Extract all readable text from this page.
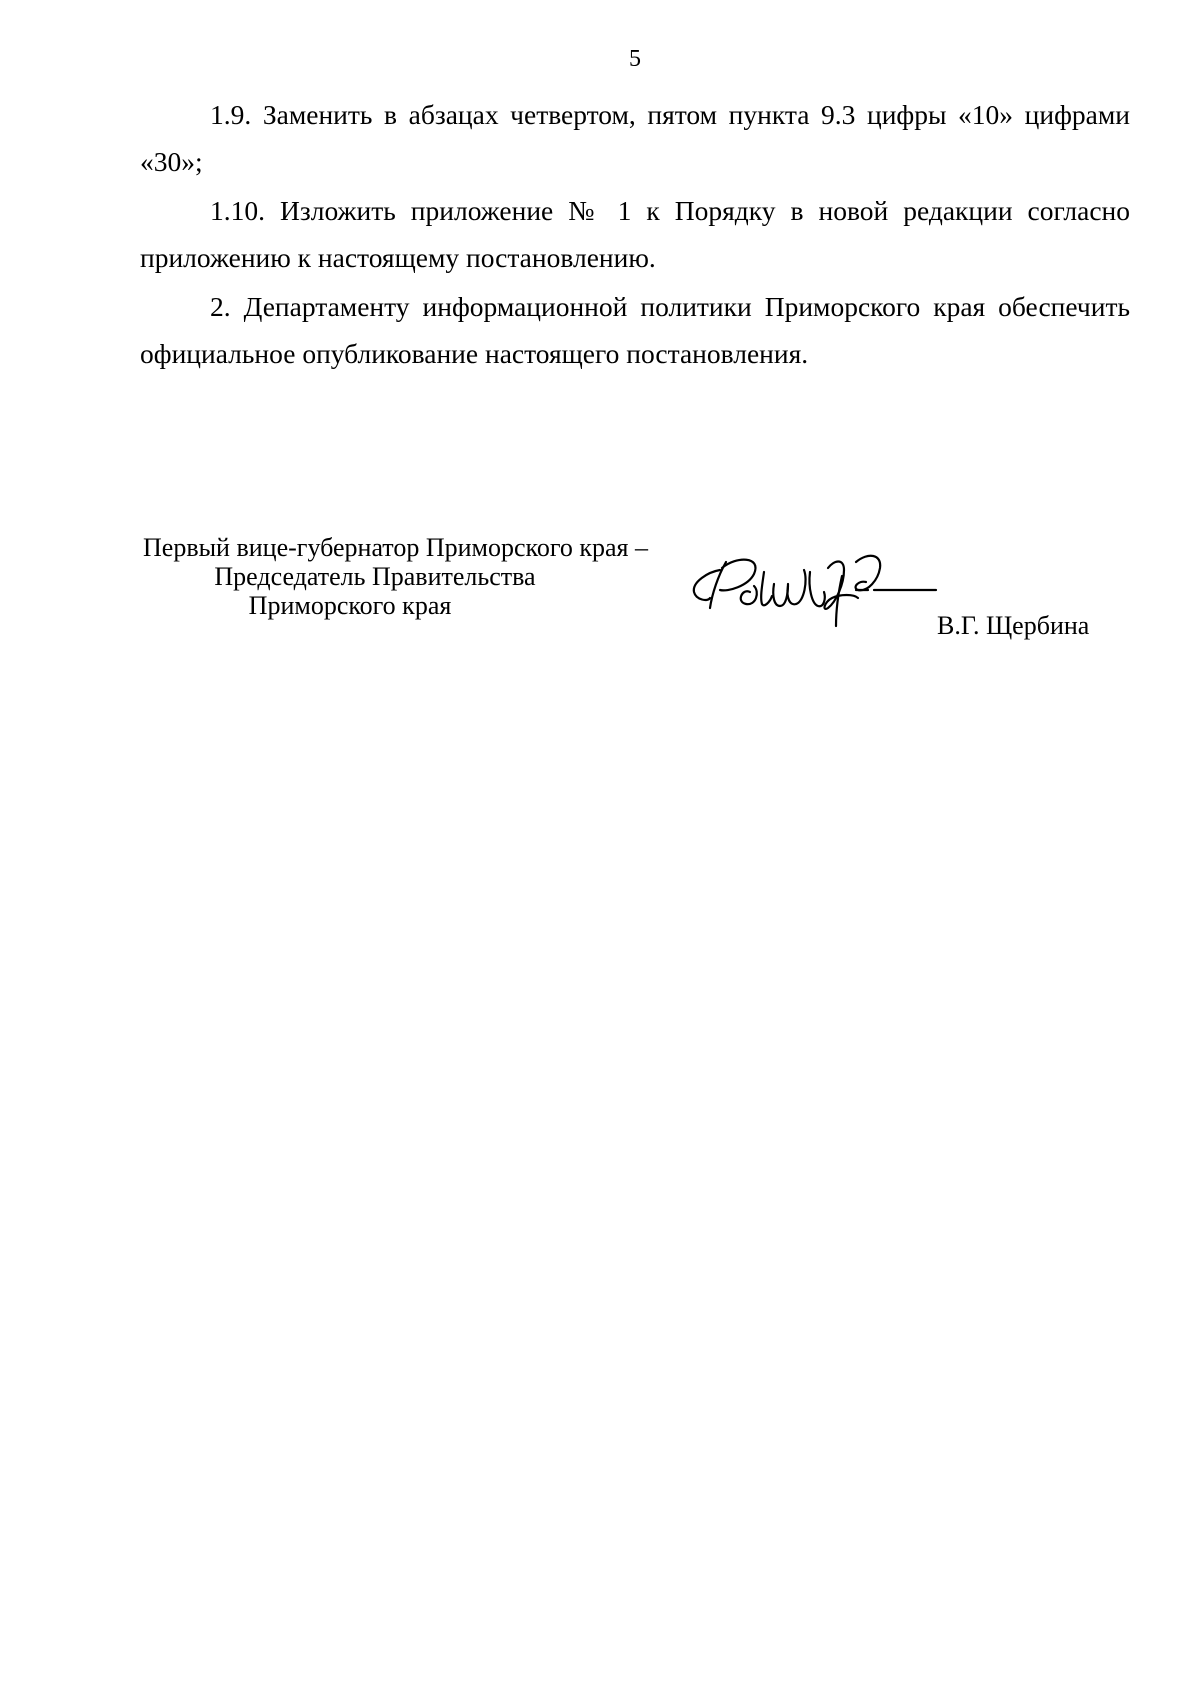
5

1.9. Заменить в абзацах четвертом, пятом пункта 9.3 цифры «10» цифрами «30»;

1.10. Изложить приложение № 1 к Порядку в новой редакции согласно приложению к настоящему постановлению.

2. Департаменту информационной политики Приморского края обеспечить официальное опубликование настоящего постановления.

Первый вице-губернатор Приморского края –
Председатель Правительства
Приморского края
В.Г. Щербина
